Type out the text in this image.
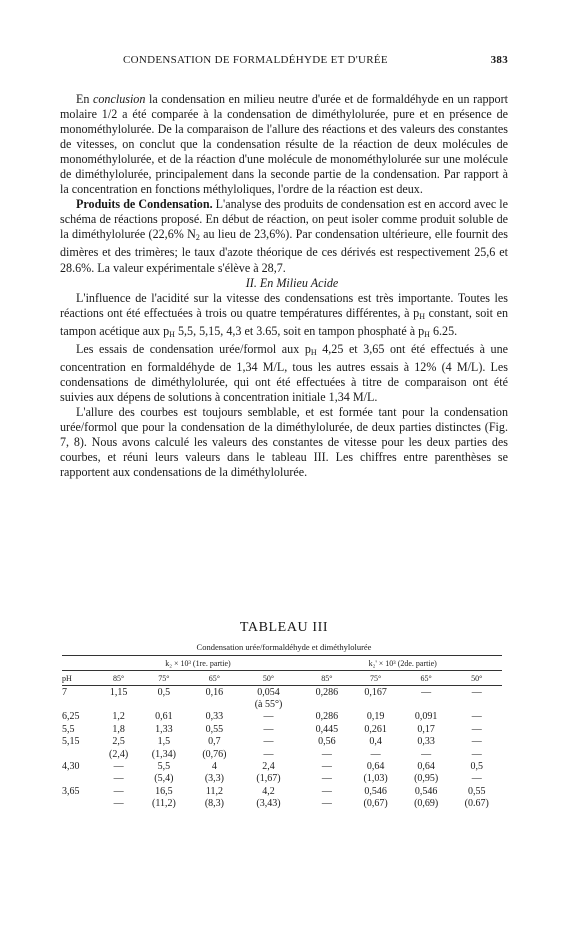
CONDENSATION DE FORMALDÉHYDE ET D'URÉE	383

En conclusion la condensation en milieu neutre d'urée et de formaldéhyde en un rapport molaire 1/2 a été comparée à la condensation de diméthylolurée, pure et en présence de monométhylolurée. De la comparaison de l'allure des réactions et des valeurs des constantes de vitesses, on conclut que la condensation résulte de la réaction de deux molécules de monométhylolurée, et de la réaction d'une molécule de monométhylolurée sur une molécule de diméthylolurée, principalement dans la seconde partie de la condensation. Par rapport à la concentration en fonctions méthyloliques, l'ordre de la réaction est deux.

Produits de Condensation. L'analyse des produits de condensation est en accord avec le schéma de réactions proposé. En début de réaction, on peut isoler comme produit soluble de la diméthylolurée (22,6% N2 au lieu de 23,6%). Par condensation ultérieure, elle fournit des dimères et des trimères; le taux d'azote théorique de ces dérivés est respectivement 25,6 et 28.6%. La valeur expérimentale s'élève à 28,7.

II. En Milieu Acide

L'influence de l'acidité sur la vitesse des condensations est très importante. Toutes les réactions ont été effectuées à trois ou quatre températures différentes, à pH constant, soit en tampon acétique aux pH 5,5, 5,15, 4,3 et 3.65, soit en tampon phosphaté à pH 6.25.

Les essais de condensation urée/formol aux pH 4,25 et 3,65 ont été effectués à une concentration en formaldéhyde de 1,34 M/L, tous les autres essais à 12% (4 M/L). Les condensations de diméthylolurée, qui ont été effectuées à titre de comparaison ont été suivies aux dépens de solutions à concentration initiale 1,34 M/L.

L'allure des courbes est toujours semblable, et est formée tant pour la condensation urée/formol que pour la condensation de la diméthylolurée, de deux parties distinctes (Fig. 7, 8). Nous avons calculé les valeurs des constantes de vitesse pour les deux parties des courbes, et réuni leurs valeurs dans le tableau III. Les chiffres entre parenthèses se rapportent aux condensations de la diméthylolurée.

TABLEAU III
Condensation urée/formaldéhyde et diméthylolurée
	k₂ × 10³ (1re. partie)					k₂' × 10³ (2de. partie)			
pH	85°	75°	65°	50°		85°	75°	65°	50°
7	1,15	0,5	0,16	0,054		0,286	0,167	—	—
				(à 55°)					
6,25	1,2	0,61	0,33	—		0,286	0,19	0,091	—
5,5	1,8	1,33	0,55	—		0,445	0,261	0,17	—
5,15	2,5	1,5	0,7	—		0,56	0,4	0,33	—
	(2,4)	(1,34)	(0,76)	—		—	—	—	—
4,30	—	5,5	4	2,4		—	0,64	0,64	0,5
	—	(5,4)	(3,3)	(1,67)		—	(1,03)	(0,95)	—
3,65	—	16,5	11,2	4,2		—	0,546	0,546	0,55
	—	(11,2)	(8,3)	(3,43)		—	(0,67)	(0,69)	(0.67)
